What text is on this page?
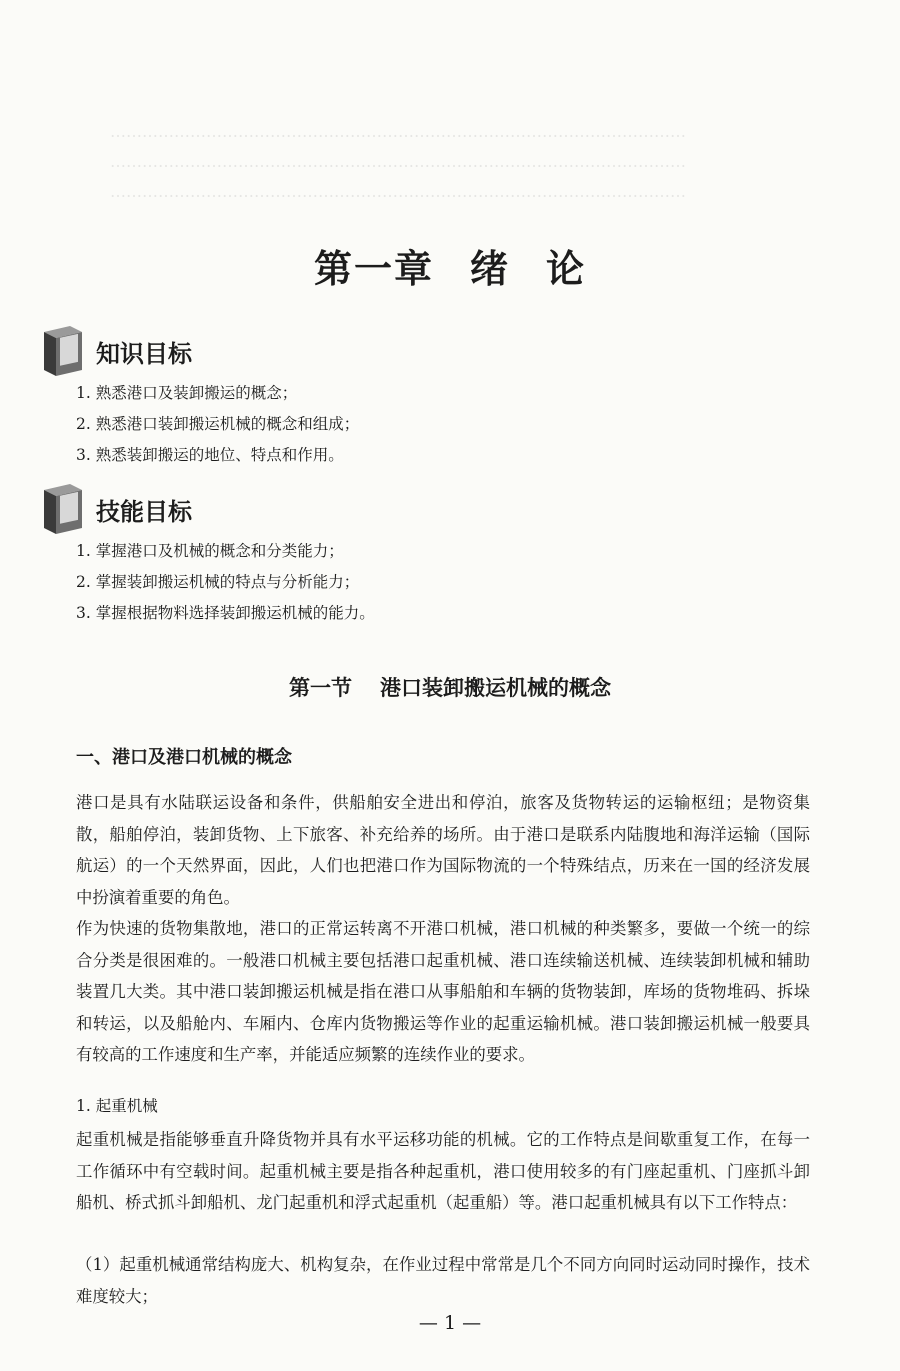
………………………………………………………………………………………………
………………………………………………………………………………………………
………………………………………………………………………………………………
第一章 绪 论
知识目标
1. 熟悉港口及装卸搬运的概念；
2. 熟悉港口装卸搬运机械的概念和组成；
3. 熟悉装卸搬运的地位、特点和作用。
技能目标
1. 掌握港口及机械的概念和分类能力；
2. 掌握装卸搬运机械的特点与分析能力；
3. 掌握根据物料选择装卸搬运机械的能力。
第一节 港口装卸搬运机械的概念
一、港口及港口机械的概念

港口是具有水陆联运设备和条件，供船舶安全进出和停泊，旅客及货物转运的运输枢纽；是物资集散，船舶停泊，装卸货物、上下旅客、补充给养的场所。由于港口是联系内陆腹地和海洋运输（国际航运）的一个天然界面，因此，人们也把港口作为国际物流的一个特殊结点，历来在一国的经济发展中扮演着重要的角色。

作为快速的货物集散地，港口的正常运转离不开港口机械，港口机械的种类繁多，要做一个统一的综合分类是很困难的。一般港口机械主要包括港口起重机械、港口连续输送机械、连续装卸机械和辅助装置几大类。其中港口装卸搬运机械是指在港口从事船舶和车辆的货物装卸，库场的货物堆码、拆垛和转运，以及船舱内、车厢内、仓库内货物搬运等作业的起重运输机械。港口装卸搬运机械一般要具有较高的工作速度和生产率，并能适应频繁的连续作业的要求。

1. 起重机械

起重机械是指能够垂直升降货物并具有水平运移功能的机械。它的工作特点是间歇重复工作，在每一工作循环中有空载时间。起重机械主要是指各种起重机，港口使用较多的有门座起重机、门座抓斗卸船机、桥式抓斗卸船机、龙门起重机和浮式起重机（起重船）等。港口起重机械具有以下工作特点：

（1）起重机械通常结构庞大、机构复杂，在作业过程中常常是几个不同方向同时运动同时操作，技术难度较大；

— 1 —
